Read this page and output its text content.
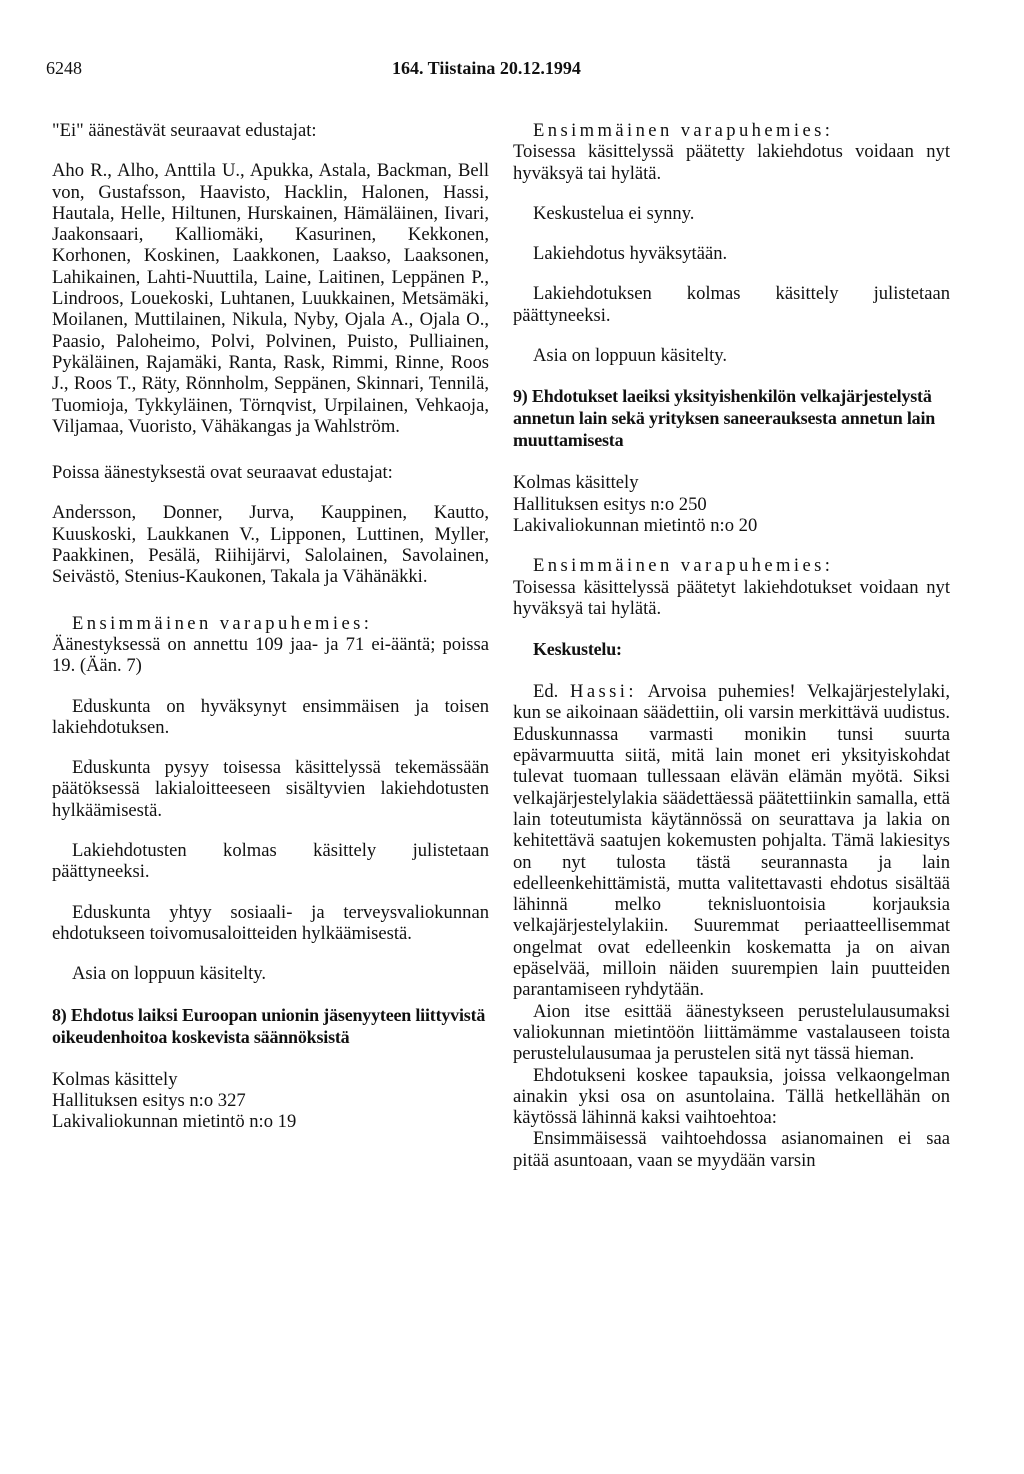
6248	164. Tiistaina 20.12.1994

"Ei" äänestävät seuraavat edustajat:

Aho R., Alho, Anttila U., Apukka, Astala, Backman, Bell von, Gustafsson, Haavisto, Hacklin, Halonen, Hassi, Hautala, Helle, Hiltunen, Hurskainen, Hämäläinen, Iivari, Jaakonsaari, Kalliomäki, Kasurinen, Kekkonen, Korhonen, Koskinen, Laakkonen, Laakso, Laaksonen, Lahikainen, Lahti-Nuuttila, Laine, Laitinen, Leppänen P., Lindroos, Louekoski, Luhtanen, Luukkainen, Metsämäki, Moilanen, Muttilainen, Nikula, Nyby, Ojala A., Ojala O., Paasio, Paloheimo, Polvi, Polvinen, Puisto, Pulliainen, Pykäläinen, Rajamäki, Ranta, Rask, Rimmi, Rinne, Roos J., Roos T., Räty, Rönnholm, Seppänen, Skinnari, Tennilä, Tuomioja, Tykkyläinen, Törnqvist, Urpilainen, Vehkaoja, Viljamaa, Vuoristo, Vähäkangas ja Wahlström.

Poissa äänestyksestä ovat seuraavat edustajat:

Andersson, Donner, Jurva, Kauppinen, Kautto, Kuuskoski, Laukkanen V., Lipponen, Luttinen, Myller, Paakkinen, Pesälä, Riihijärvi, Salolainen, Savolainen, Seivästö, Stenius-Kaukonen, Takala ja Vähänäkki.

Ensimmäinen varapuhemies:

Äänestyksessä on annettu 109 jaa- ja 71 ei-ääntä; poissa 19. (Ään. 7)

Eduskunta on hyväksynyt ensimmäisen ja toisen lakiehdotuksen.

Eduskunta pysyy toisessa käsittelyssä tekemässään päätöksessä lakialoitteeseen sisältyvien lakiehdotusten hylkäämisestä.

Lakiehdotusten kolmas käsittely julistetaan päättyneeksi.

Eduskunta yhtyy sosiaali- ja terveysvaliokunnan ehdotukseen toivomusaloitteiden hylkäämisestä.

Asia on loppuun käsitelty.

8) Ehdotus laiksi Euroopan unionin jäsenyyteen liittyvistä oikeudenhoitoa koskevista säännöksistä
Kolmas käsittely
Hallituksen esitys n:o 327
Lakivaliokunnan mietintö n:o 19

Ensimmäinen varapuhemies:

Toisessa käsittelyssä päätetty lakiehdotus voidaan nyt hyväksyä tai hylätä.

Keskustelua ei synny.

Lakiehdotus hyväksytään.

Lakiehdotuksen kolmas käsittely julistetaan päättyneeksi.

Asia on loppuun käsitelty.

9) Ehdotukset laeiksi yksityishenkilön velkajärjestelystä annetun lain sekä yrityksen saneerauksesta annetun lain muuttamisesta
Kolmas käsittely
Hallituksen esitys n:o 250
Lakivaliokunnan mietintö n:o 20

Ensimmäinen varapuhemies:

Toisessa käsittelyssä päätetyt lakiehdotukset voidaan nyt hyväksyä tai hylätä.

Keskustelu:

Ed. Hassi: Arvoisa puhemies! Velkajärjestelylaki, kun se aikoinaan säädettiin, oli varsin merkittävä uudistus. Eduskunnassa varmasti monikin tunsi suurta epävarmuutta siitä, mitä lain monet eri yksityiskohdat tulevat tuomaan tullessaan elävän elämän myötä. Siksi velkajärjestelylakia säädettäessä päätettiinkin samalla, että lain toteutumista käytännössä on seurattava ja lakia on kehitettävä saatujen kokemusten pohjalta. Tämä lakiesitys on nyt tulosta tästä seurannasta ja lain edelleenkehittämistä, mutta valitettavasti ehdotus sisältää lähinnä melko teknisluontoisia korjauksia velkajärjestelylakiin. Suuremmat periaatteellisemmat ongelmat ovat edelleenkin koskematta ja on aivan epäselvää, milloin näiden suurempien lain puutteiden parantamiseen ryhdytään.

Aion itse esittää äänestykseen perustelulausumaksi valiokunnan mietintöön liittämämme vastalauseen toista perustelulausumaa ja perustelen sitä nyt tässä hieman.

Ehdotukseni koskee tapauksia, joissa velkaongelman ainakin yksi osa on asuntolaina. Tällä hetkellähän on käytössä lähinnä kaksi vaihtoehtoa:

Ensimmäisessä vaihtoehdossa asianomainen ei saa pitää asuntoaan, vaan se myydään varsin
